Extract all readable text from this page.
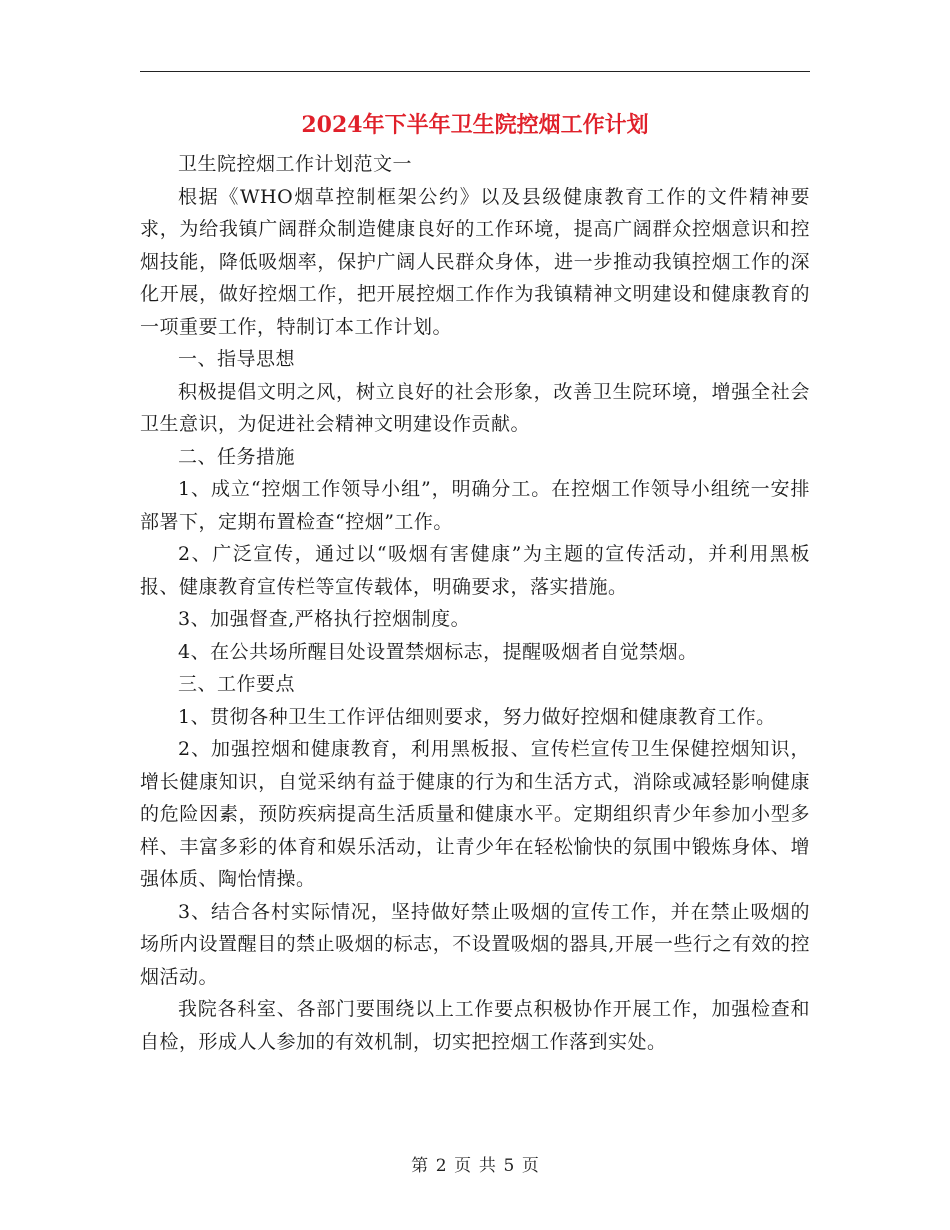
2024年下半年卫生院控烟工作计划

卫生院控烟工作计划范文一

根据《WHO烟草控制框架公约》以及县级健康教育工作的文件精神要求，为给我镇广阔群众制造健康良好的工作环境，提高广阔群众控烟意识和控烟技能，降低吸烟率，保护广阔人民群众身体，进一步推动我镇控烟工作的深化开展，做好控烟工作，把开展控烟工作作为我镇精神文明建设和健康教育的一项重要工作，特制订本工作计划。

一、指导思想

积极提倡文明之风，树立良好的社会形象，改善卫生院环境，增强全社会卫生意识，为促进社会精神文明建设作贡献。

二、任务措施

1、成立“控烟工作领导小组”，明确分工。在控烟工作领导小组统一安排部署下，定期布置检查“控烟”工作。

2、广泛宣传，通过以“吸烟有害健康”为主题的宣传活动，并利用黑板报、健康教育宣传栏等宣传载体，明确要求，落实措施。

3、加强督查,严格执行控烟制度。

4、在公共场所醒目处设置禁烟标志，提醒吸烟者自觉禁烟。

三、工作要点

1、贯彻各种卫生工作评估细则要求，努力做好控烟和健康教育工作。

2、加强控烟和健康教育，利用黑板报、宣传栏宣传卫生保健控烟知识，增长健康知识，自觉采纳有益于健康的行为和生活方式，消除或减轻影响健康的危险因素，预防疾病提高生活质量和健康水平。定期组织青少年参加小型多样、丰富多彩的体育和娱乐活动，让青少年在轻松愉快的氛围中锻炼身体、增强体质、陶怡情操。

3、结合各村实际情况，坚持做好禁止吸烟的宣传工作，并在禁止吸烟的场所内设置醒目的禁止吸烟的标志，不设置吸烟的器具,开展一些行之有效的控烟活动。

我院各科室、各部门要围绕以上工作要点积极协作开展工作，加强检查和自检，形成人人参加的有效机制，切实把控烟工作落到实处。

第 2 页 共 5 页
